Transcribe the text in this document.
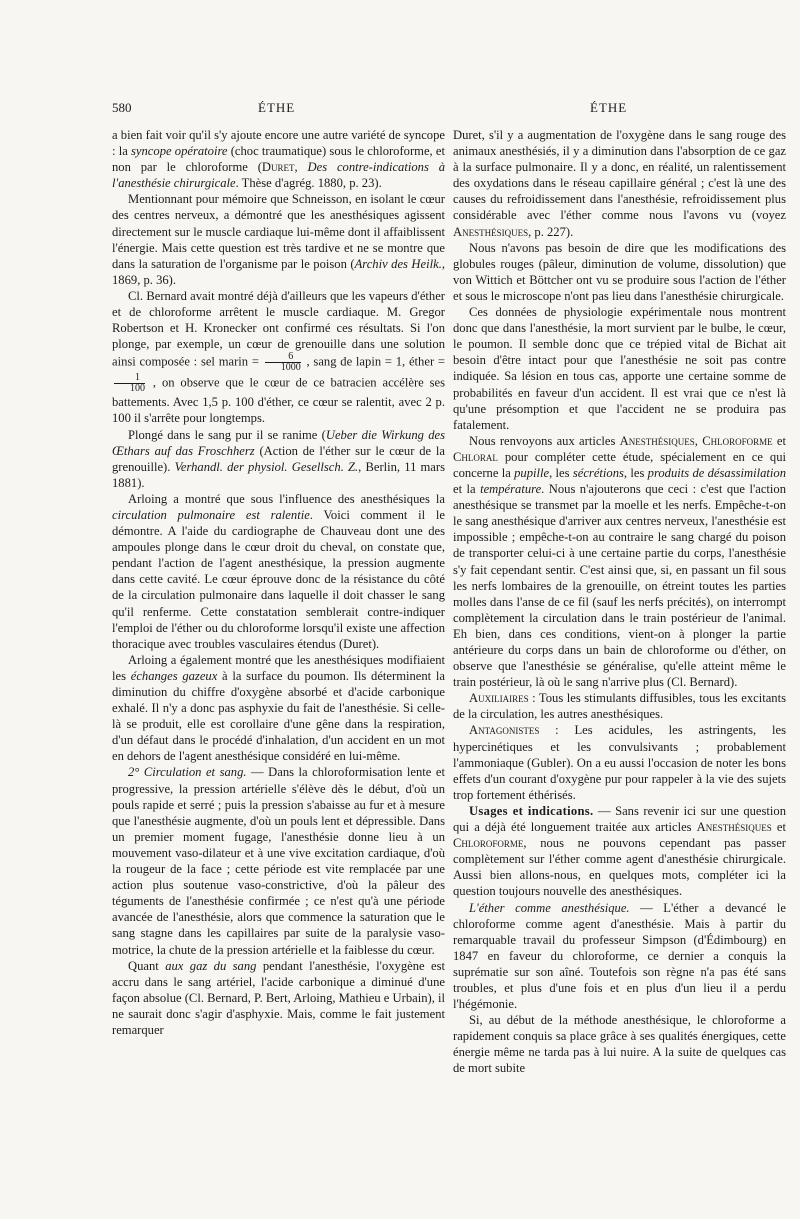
580	ÉTHE	ÉTHE

a bien fait voir qu'il s'y ajoute encore une autre variété de syncope : la syncope opératoire (choc traumatique) sous le chloroforme, et non par le chloroforme (Duret, Des contre-indications à l'anesthésie chirurgicale. Thèse d'agrég. 1880, p. 23).

Mentionnant pour mémoire que Schneisson, en isolant le cœur des centres nerveux, a démontré que les anesthésiques agissent directement sur le muscle cardiaque lui-même dont il affaiblissent l'énergie. Mais cette question est très tardive et ne se montre que dans la saturation de l'organisme par le poison (Archiv des Heilk., 1869, p. 36).

Cl. Bernard avait montré déjà d'ailleurs que les vapeurs d'éther et de chloroforme arrêtent le muscle cardiaque. M. Gregor Robertson et H. Kronecker ont confirmé ces résultats. Si l'on plonge, par exemple, un cœur de grenouille dans une solution ainsi composée : sel marin = $\frac{6}{1000}$ , sang de lapin = 1, éther =
$\frac{1}{100}$ , on observe que le cœur de ce batracien accélère ses battements. Avec 1,5 p. 100 d'éther, ce cœur se ralentit, avec 2 p. 100 il s'arrête pour longtemps.

Plongé dans le sang pur il se ranime (Ueber die Wirkung des Œthars auf das Froschherz (Action de l'éther sur le cœur de la grenouille). Verhandl. der physiol. Gesellsch. Z., Berlin, 11 mars 1881).

Arloing a montré que sous l'influence des anesthésiques la circulation pulmonaire est ralentie. Voici comment il le démontre. A l'aide du cardiographe de Chauveau dont une des ampoules plonge dans le cœur droit du cheval, on constate que, pendant l'action de l'agent anesthésique, la pression augmente dans cette cavité. Le cœur éprouve donc de la résistance du côté de la circulation pulmonaire dans laquelle il doit chasser le sang qu'il renferme. Cette constatation semblerait contre-indiquer l'emploi de l'éther ou du chloroforme lorsqu'il existe une affection thoracique avec troubles vasculaires étendus (Duret).

Arloing a également montré que les anesthésiques modifiaient les échanges gazeux à la surface du poumon. Ils déterminent la diminution du chiffre d'oxygène absorbé et d'acide carbonique exhalé. Il n'y a donc pas asphyxie du fait de l'anesthésie. Si celle-là se produit, elle est corollaire d'une gêne dans la respiration, d'un défaut dans le procédé d'inhalation, d'un accident en un mot en dehors de l'agent anesthésique considéré en lui-même.

2° Circulation et sang. — Dans la chloroformisation lente et progressive, la pression artérielle s'élève dès le début, d'où un pouls rapide et serré ; puis la pression s'abaisse au fur et à mesure que l'anesthésie augmente, d'où un pouls lent et dépressible. Dans un premier moment fugage, l'anesthésie donne lieu à un mouvement vaso-dilateur et à une vive excitation cardiaque, d'où la rougeur de la face ; cette période est vite remplacée par une action plus soutenue vaso-constrictive, d'où la pâleur des téguments de l'anesthésie confirmée ; ce n'est qu'à une période avancée de l'anesthésie, alors que commence la saturation que le sang stagne dans les capillaires par suite de la paralysie vaso-motrice, la chute de la pression artérielle et la faiblesse du cœur.

Quant aux gaz du sang pendant l'anesthésie, l'oxygène est accru dans le sang artériel, l'acide carbonique a diminué d'une façon absolue (Cl. Bernard, P. Bert, Arloing, Mathieu e Urbain), il ne saurait donc s'agir d'asphyxie. Mais, comme le fait justement remarquer

Duret, s'il y a augmentation de l'oxygène dans le sang rouge des animaux anesthésiés, il y a diminution dans l'absorption de ce gaz à la surface pulmonaire. Il y a donc, en réalité, un ralentissement des oxydations dans le réseau capillaire général ; c'est là une des causes du refroidissement dans l'anesthésie, refroidissement plus considérable avec l'éther comme nous l'avons vu (voyez Anesthésiques, p. 227).

Nous n'avons pas besoin de dire que les modifications des globules rouges (pâleur, diminution de volume, dissolution) que von Wittich et Böttcher ont vu se produire sous l'action de l'éther et sous le microscope n'ont pas lieu dans l'anesthésie chirurgicale.

Ces données de physiologie expérimentale nous montrent donc que dans l'anesthésie, la mort survient par le bulbe, le cœur, le poumon. Il semble donc que ce trépied vital de Bichat ait besoin d'être intact pour que l'anesthésie ne soit pas contre indiquée. Sa lésion en tous cas, apporte une certaine somme de probabilités en faveur d'un accident. Il est vrai que ce n'est là qu'une présomption et que l'accident ne se produira pas fatalement.

Nous renvoyons aux articles Anesthésiques, Chloroforme et Chloral pour compléter cette étude, spécialement en ce qui concerne la pupille, les sécrétions, les produits de désassimilation et la température. Nous n'ajouterons que ceci : c'est que l'action anesthésique se transmet par la moelle et les nerfs. Empêche-t-on le sang anesthésique d'arriver aux centres nerveux, l'anesthésie est impossible ; empêche-t-on au contraire le sang chargé du poison de transporter celui-ci à une certaine partie du corps, l'anesthésie s'y fait cependant sentir. C'est ainsi que, si, en passant un fil sous les nerfs lombaires de la grenouille, on étreint toutes les parties molles dans l'anse de ce fil (sauf les nerfs précités), on interrompt complètement la circulation dans le train postérieur de l'animal. Eh bien, dans ces conditions, vient-on à plonger la partie antérieure du corps dans un bain de chloroforme ou d'éther, on observe que l'anesthésie se généralise, qu'elle atteint même le train postérieur, là où le sang n'arrive plus (Cl. Bernard).

Auxiliaires : Tous les stimulants diffusibles, tous les excitants de la circulation, les autres anesthésiques.

Antagonistes : Les acidules, les astringents, les hypercinétiques et les convulsivants ; probablement l'ammoniaque (Gubler). On a eu aussi l'occasion de noter les bons effets d'un courant d'oxygène pur pour rappeler à la vie des sujets trop fortement éthérisés.

Usages et indications. — Sans revenir ici sur une question qui a déjà été longuement traitée aux articles Anesthésiques et Chloroforme, nous ne pouvons cependant pas passer complètement sur l'éther comme agent d'anesthésie chirurgicale. Aussi bien allons-nous, en quelques mots, compléter ici la question toujours nouvelle des anesthésiques.

L'éther comme anesthésique. — L'éther a devancé le chloroforme comme agent d'anesthésie. Mais à partir du remarquable travail du professeur Simpson (d'Édimbourg) en 1847 en faveur du chloroforme, ce dernier a conquis la suprématie sur son aîné. Toutefois son règne n'a pas été sans troubles, et plus d'une fois et en plus d'un lieu il a perdu l'hégémonie.

Si, au début de la méthode anesthésique, le chloroforme a rapidement conquis sa place grâce à ses qualités énergiques, cette énergie même ne tarda pas à lui nuire. A la suite de quelques cas de mort subite
